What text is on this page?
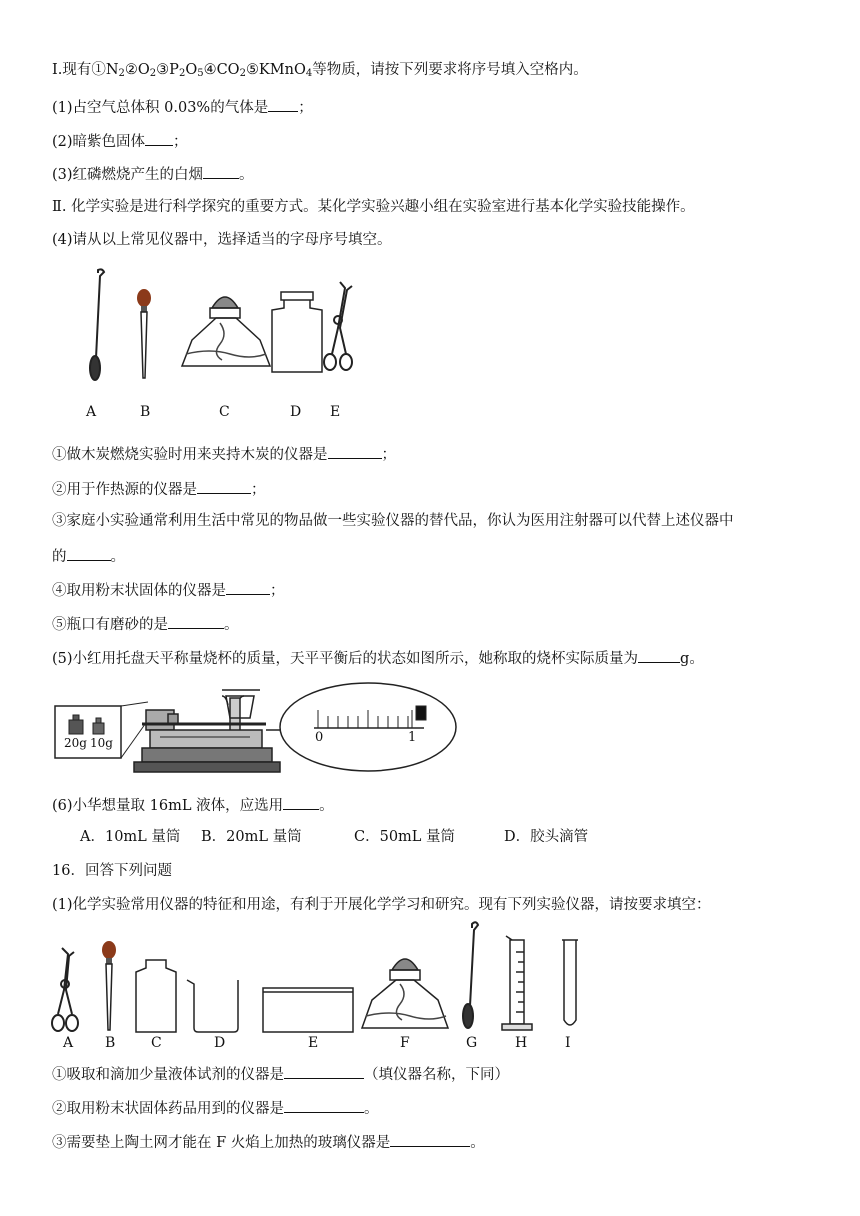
Ⅰ.现有$①N_2②O_2③P_2O_5④CO_2⑤KMnO_4$等物质，请按下列要求将序号填入空格内。
(1)占空气总体积 0.03%的气体是 ；
(2)暗紫色固体 ；
(3)红磷燃烧产生的白烟 。
Ⅱ. 化学实验是进行科学探究的重要方式。某化学实验兴趣小组在实验室进行基本化学实验技能操作。
(4)请从以上常见仪器中，选择适当的字母序号填空。
A	B	C	D E
①做木炭燃烧实验时用来夹持木炭的仪器是	；
②用于作热源的仪器是	；
③家庭小实验通常利用生活中常见的物品做一些实验仪器的替代品，你认为医用注射器可以代替上述仪器中
的	。
④取用粉末状固体的仪器是	；
⑤瓶口有磨砂的是	。
(5)小红用托盘天平称量烧杯的质量，天平平衡后的状态如图所示，她称取的烧杯实际质量为	g。
20g 10g	0	1
(6)小华想量取 16mL 液体，应选用 。
A．10mL 量筒 B．20mL 量筒	C．50mL 量筒	D．胶头滴管
16．回答下列问题
(1)化学实验常用仪器的特征和用途，有利于开展化学学习和研究。现有下列实验仪器，请按要求填空：
A B	C	D	E	F	G	H	I
①吸取和滴加少量液体试剂的仪器是	（填仪器名称，下同）
②取用粉末状固体药品用到的仪器是	。
③需要垫上陶土网才能在 F 火焰上加热的玻璃仪器是	。
